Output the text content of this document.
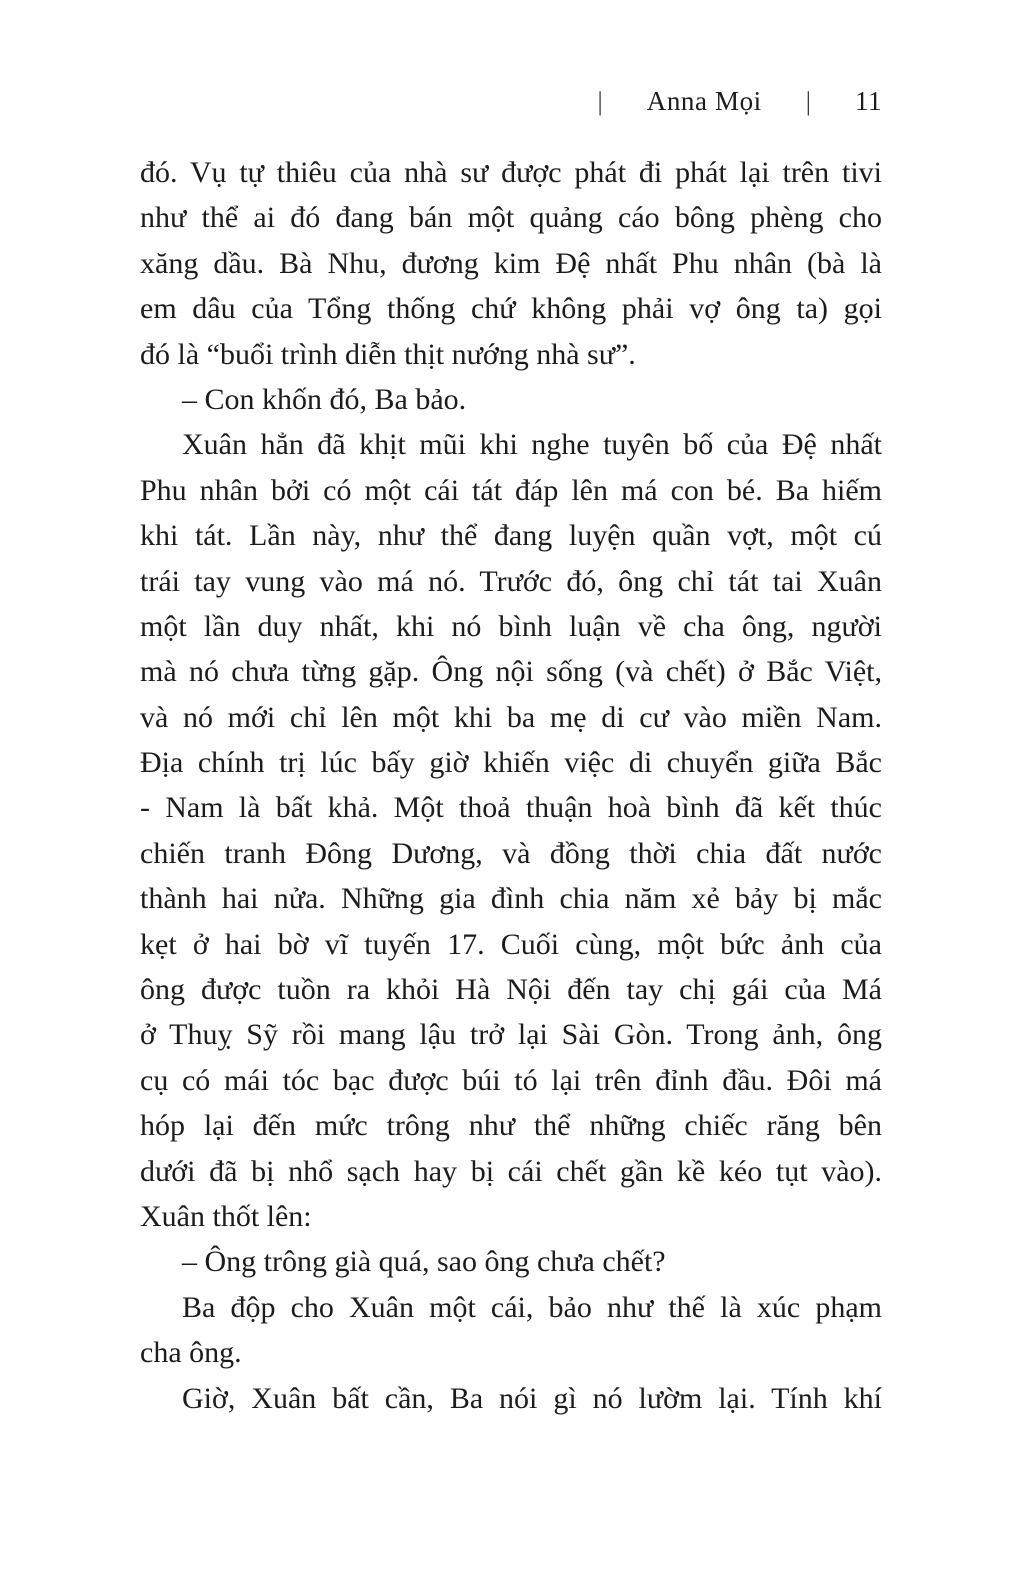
| Anna Mọi | 11
đó. Vụ tự thiêu của nhà sư được phát đi phát lại trên tivi
như thể ai đó đang bán một quảng cáo bông phèng cho
xăng dầu. Bà Nhu, đương kim Đệ nhất Phu nhân (bà là
em dâu của Tổng thống chứ không phải vợ ông ta) gọi
đó là “buổi trình diễn thịt nướng nhà sư”.
– Con khốn đó, Ba bảo.
Xuân hẳn đã khịt mũi khi nghe tuyên bố của Đệ nhất
Phu nhân bởi có một cái tát đáp lên má con bé. Ba hiếm
khi tát. Lần này, như thể đang luyện quần vợt, một cú
trái tay vung vào má nó. Trước đó, ông chỉ tát tai Xuân
một lần duy nhất, khi nó bình luận về cha ông, người
mà nó chưa từng gặp. Ông nội sống (và chết) ở Bắc Việt,
và nó mới chỉ lên một khi ba mẹ di cư vào miền Nam.
Địa chính trị lúc bấy giờ khiến việc di chuyển giữa Bắc
- Nam là bất khả. Một thoả thuận hoà bình đã kết thúc
chiến tranh Đông Dương, và đồng thời chia đất nước
thành hai nửa. Những gia đình chia năm xẻ bảy bị mắc
kẹt ở hai bờ vĩ tuyến 17. Cuối cùng, một bức ảnh của
ông được tuồn ra khỏi Hà Nội đến tay chị gái của Má
ở Thuỵ Sỹ rồi mang lậu trở lại Sài Gòn. Trong ảnh, ông
cụ có mái tóc bạc được búi tó lại trên đỉnh đầu. Đôi má
hóp lại đến mức trông như thể những chiếc răng bên
dưới đã bị nhổ sạch hay bị cái chết gần kề kéo tụt vào).
Xuân thốt lên:
– Ông trông già quá, sao ông chưa chết?
Ba độp cho Xuân một cái, bảo như thế là xúc phạm
cha ông.
Giờ, Xuân bất cần, Ba nói gì nó lườm lại. Tính khí
